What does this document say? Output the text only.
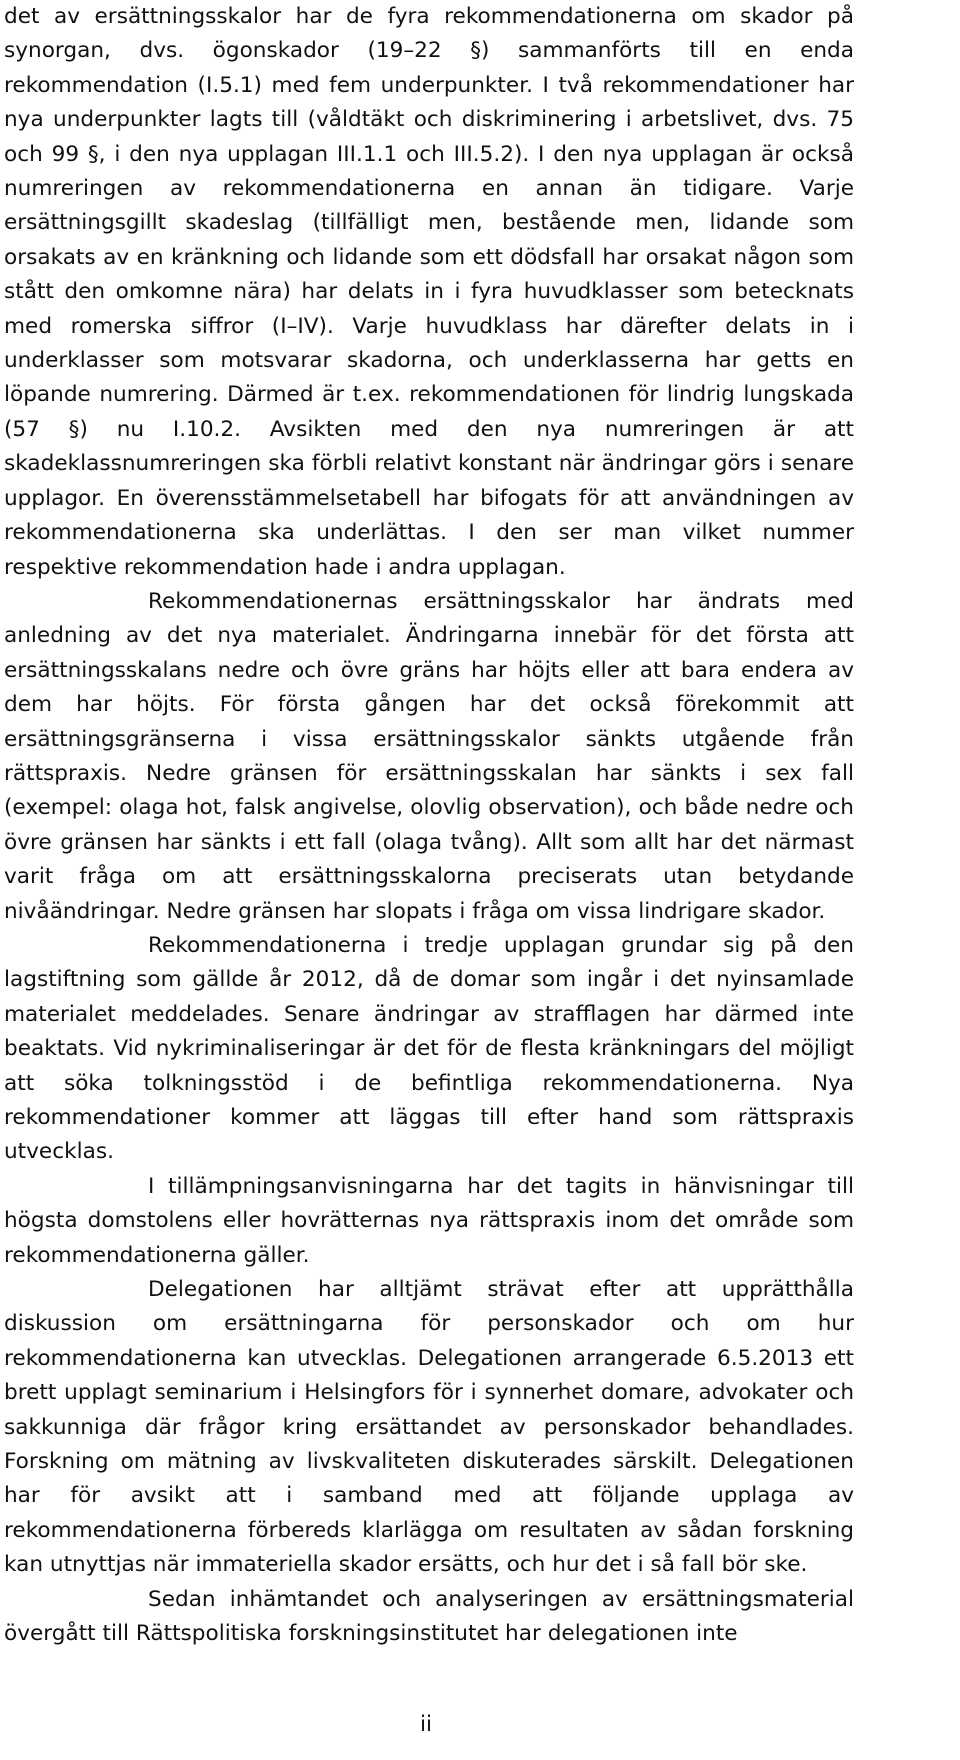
det av ersättningsskalor har de fyra rekommendationerna om skador på synorgan, dvs. ögonskador (19–22 §) sammanförts till en enda rekommendation (I.5.1) med fem underpunkter. I två rekommendationer har nya underpunkter lagts till (våldtäkt och diskriminering i arbetslivet, dvs. 75 och 99 §, i den nya upplagan III.1.1 och III.5.2). I den nya upplagan är också numreringen av rekommendationerna en annan än tidigare. Varje ersättningsgillt skadeslag (tillfälligt men, bestående men, lidande som orsakats av en kränkning och lidande som ett dödsfall har orsakat någon som stått den omkomne nära) har delats in i fyra huvudklasser som betecknats med romerska siffror (I–IV). Varje huvudklass har därefter delats in i underklasser som motsvarar skadorna, och underklasserna har getts en löpande numrering. Därmed är t.ex. rekommendationen för lindrig lungskada (57 §) nu I.10.2. Avsikten med den nya numreringen är att skadeklassnumreringen ska förbli relativt konstant när ändringar görs i senare upplagor. En överensstämmelsetabell har bifogats för att användningen av rekommendationerna ska underlättas. I den ser man vilket nummer respektive rekommendation hade i andra upplagan.

Rekommendationernas ersättningsskalor har ändrats med anledning av det nya materialet. Ändringarna innebär för det första att ersättningsskalans nedre och övre gräns har höjts eller att bara endera av dem har höjts. För första gången har det också förekommit att ersättningsgränserna i vissa ersättningsskalor sänkts utgående från rättspraxis. Nedre gränsen för ersättningsskalan har sänkts i sex fall (exempel: olaga hot, falsk angivelse, olovlig observation), och både nedre och övre gränsen har sänkts i ett fall (olaga tvång). Allt som allt har det närmast varit fråga om att ersättningsskalorna preciserats utan betydande nivåändringar. Nedre gränsen har slopats i fråga om vissa lindrigare skador.

Rekommendationerna i tredje upplagan grundar sig på den lagstiftning som gällde år 2012, då de domar som ingår i det nyinsamlade materialet meddelades. Senare ändringar av strafflagen har därmed inte beaktats. Vid nykriminaliseringar är det för de flesta kränkningars del möjligt att söka tolkningsstöd i de befintliga rekommendationerna. Nya rekommendationer kommer att läggas till efter hand som rättspraxis utvecklas.

I tillämpningsanvisningarna har det tagits in hänvisningar till högsta domstolens eller hovrätternas nya rättspraxis inom det område som rekommendationerna gäller.

Delegationen har alltjämt strävat efter att upprätthålla diskussion om ersättningarna för personskador och om hur rekommendationerna kan utvecklas. Delegationen arrangerade 6.5.2013 ett brett upplagt seminarium i Helsingfors för i synnerhet domare, advokater och sakkunniga där frågor kring ersättandet av personskador behandlades. Forskning om mätning av livskvaliteten diskuterades särskilt. Delegationen har för avsikt att i samband med att följande upplaga av rekommendationerna förbereds klarlägga om resultaten av sådan forskning kan utnyttjas när immateriella skador ersätts, och hur det i så fall bör ske.

Sedan inhämtandet och analyseringen av ersättningsmaterial övergått till Rättspolitiska forskningsinstitutet har delegationen inte

ii
